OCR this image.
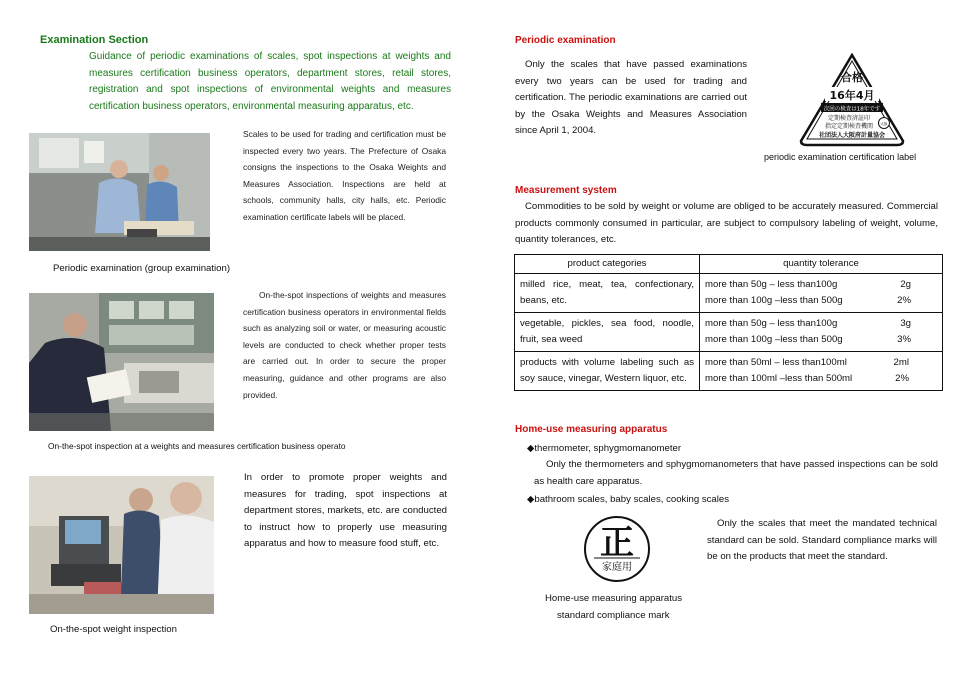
Examination Section
Guidance of periodic examinations of scales, spot inspections at weights and measures certification business operators, department stores, retail stores, registration and spot inspections of environmental weights and measures certification business operators, environmental measuring apparatus, etc.
Scales to be used for trading and certification must be inspected every two years. The Prefecture of Osaka consigns the inspections to the Osaka Weights and Measures Association. Inspections are held at schools, community halls, city halls, etc. Periodic examination certificate labels will be placed.
Periodic examination (group examination)
On-the-spot inspections of weights and measures certification business operators in environmental fields such as analyzing soil or water, or measuring acoustic levels are conducted to check whether proper tests are carried out. In order to secure the proper measuring, guidance and other programs are also provided.
On-the-spot inspection at a weights and measures certification business operato
In order to promote proper weights and measures for trading, spot inspections at department stores, markets, etc. are conducted to instruct how to properly use measuring apparatus and how to measure food stuff, etc.
On-the-spot weight inspection
Periodic examination
Only the scales that have passed examinations every two years can be used for trading and certification. The periodic examinations are carried out by the Osaka Weights and Measures Association since April 1, 2004.
合格
16年4月
次回の検査は18年です
定期検査済証印
指定定期検査機関
社団法人大阪府計量協会
大阪
periodic examination certification label
Measurement system
Commodities to be sold by weight or volume are obliged to be accurately measured. Commercial products commonly consumed in particular, are subject to compulsory labeling of weight, volume, quantity tolerances, etc.
product categories	quantity tolerance
milled rice, meat, tea, confectionary, beans, etc.	more than 50g – less than100g 2g
more than 100g –less than 500g 2%

vegetable, pickles, sea food, noodle, fruit, sea weed	more than 50g – less than100g 3g
more than 100g –less than 500g 3%

products with volume labeling such as soy sauce, vinegar, Western liquor, etc.	more than 50ml – less than100ml 2ml
more than 100ml –less than 500ml 2%
Home-use measuring apparatus
◆thermometer, sphygmomanometer
Only the thermometers and sphygmomanometers that have passed inspections can be sold as health care apparatus.
◆bathroom scales, baby scales, cooking scales
正
家庭用
Only the scales that meet the mandated technical standard can be sold. Standard compliance marks will be on the products that meet the standard.
Home-use measuring apparatus
standard compliance mark
